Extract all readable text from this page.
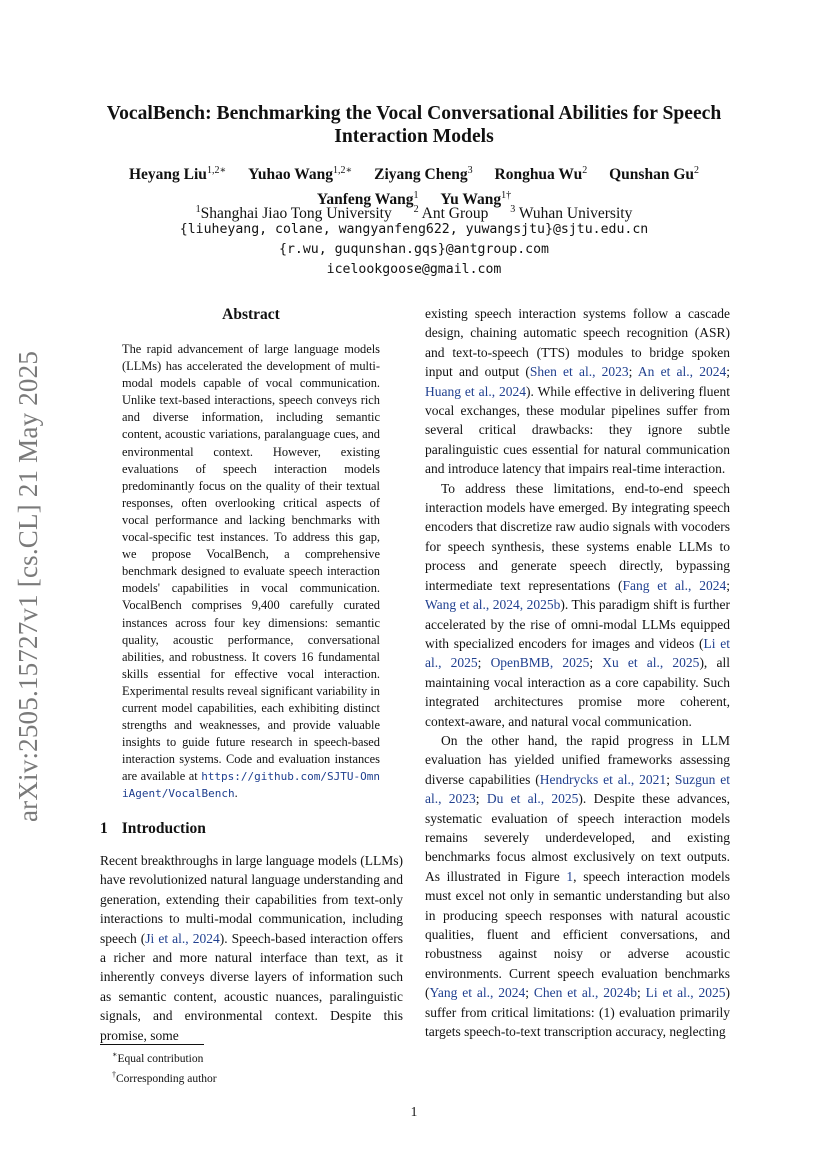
arXiv:2505.15727v1 [cs.CL] 21 May 2025
VocalBench: Benchmarking the Vocal Conversational Abilities for Speech Interaction Models
Heyang Liu$^{1,2∗}$ Yuhao Wang$^{1,2∗}$ Ziyang Cheng$^3$ Ronghua Wu$^2$ Qunshan Gu$^2$
Yanfeng Wang$^1$ Yu Wang$^{1\dagger}$
$^1$Shanghai Jiao Tong University $^2$ Ant Group $^3$ Wuhan University
{liuheyang, colane, wangyanfeng622, yuwangsjtu}@sjtu.edu.cn
{r.wu, guqunshan.gqs}@antgroup.com
icelookgoose@gmail.com
Abstract
The rapid advancement of large language models (LLMs) has accelerated the development of multi-modal models capable of vocal communication. Unlike text-based interactions, speech conveys rich and diverse information, including semantic content, acoustic variations, paralanguage cues, and environmental context. However, existing evaluations of speech interaction models predominantly focus on the quality of their textual responses, often overlooking critical aspects of vocal performance and lacking benchmarks with vocal-specific test instances. To address this gap, we propose VocalBench, a comprehensive benchmark designed to evaluate speech interaction models' capabilities in vocal communication. VocalBench comprises 9,400 carefully curated instances across four key dimensions: semantic quality, acoustic performance, conversational abilities, and robustness. It covers 16 fundamental skills essential for effective vocal interaction. Experimental results reveal significant variability in current model capabilities, each exhibiting distinct strengths and weaknesses, and provide valuable insights to guide future research in speech-based interaction systems. Code and evaluation instances are available at https://github.com/SJTU-OmniAgent/VocalBench.
1 Introduction
Recent breakthroughs in large language models (LLMs) have revolutionized natural language understanding and generation, extending their capabilities from text-only interactions to multi-modal communication, including speech (Ji et al., 2024). Speech-based interaction offers a richer and more natural interface than text, as it inherently conveys diverse layers of information such as semantic content, acoustic nuances, paralinguistic signals, and environmental context. Despite this promise, some
∗Equal contribution
†Corresponding author

existing speech interaction systems follow a cascade design, chaining automatic speech recognition (ASR) and text-to-speech (TTS) modules to bridge spoken input and output (Shen et al., 2023; An et al., 2024; Huang et al., 2024). While effective in delivering fluent vocal exchanges, these modular pipelines suffer from several critical drawbacks: they ignore subtle paralinguistic cues essential for natural communication and introduce latency that impairs real-time interaction.

To address these limitations, end-to-end speech interaction models have emerged. By integrating speech encoders that discretize raw audio signals with vocoders for speech synthesis, these systems enable LLMs to process and generate speech directly, bypassing intermediate text representations (Fang et al., 2024; Wang et al., 2024, 2025b). This paradigm shift is further accelerated by the rise of omni-modal LLMs equipped with specialized encoders for images and videos (Li et al., 2025; OpenBMB, 2025; Xu et al., 2025), all maintaining vocal interaction as a core capability. Such integrated architectures promise more coherent, context-aware, and natural vocal communication.

On the other hand, the rapid progress in LLM evaluation has yielded unified frameworks assessing diverse capabilities (Hendrycks et al., 2021; Suzgun et al., 2023; Du et al., 2025). Despite these advances, systematic evaluation of speech interaction models remains severely underdeveloped, and existing benchmarks focus almost exclusively on text outputs. As illustrated in Figure 1, speech interaction models must excel not only in semantic understanding but also in producing speech responses with natural acoustic qualities, fluent and efficient conversations, and robustness against noisy or adverse acoustic environments. Current speech evaluation benchmarks (Yang et al., 2024; Chen et al., 2024b; Li et al., 2025) suffer from critical limitations: (1) evaluation primarily targets speech-to-text transcription accuracy, neglecting

1
